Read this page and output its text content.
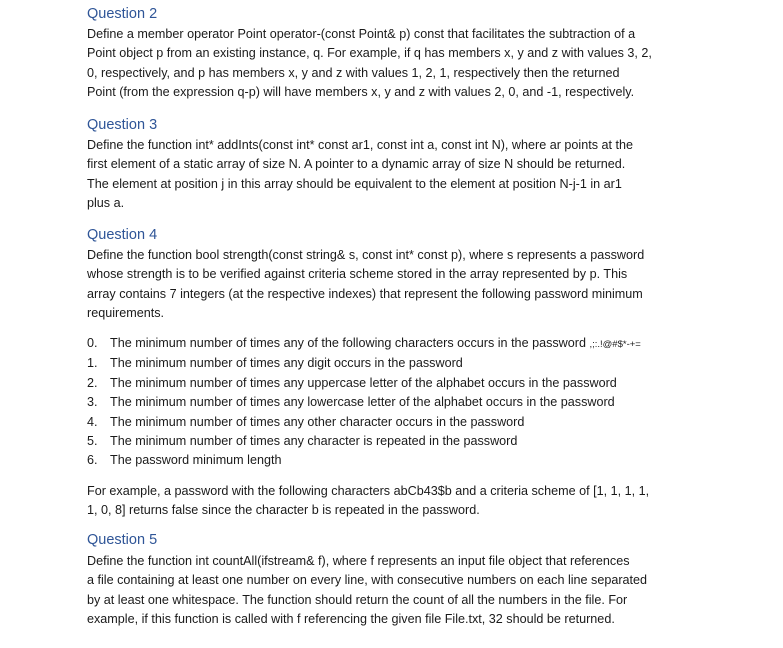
Question 2

Define a member operator Point operator-(const Point& p) const that facilitates the subtraction of a
Point object p from an existing instance, q. For example, if q has members x, y and z with values 3, 2,
0, respectively, and p has members x, y and z with values 1, 2, 1, respectively then the returned
Point (from the expression q-p) will have members x, y and z with values 2, 0, and -1, respectively.

Question 3

Define the function int* addInts(const int* const ar1, const int a, const int N), where ar points at the
first element of a static array of size N. A pointer to a dynamic array of size N should be returned.
The element at position j in this array should be equivalent to the element at position N-j-1 in ar1
plus a.

Question 4

Define the function bool strength(const string& s, const int* const p), where s represents a password
whose strength is to be verified against criteria scheme stored in the array represented by p. This
array contains 7 integers (at the respective indexes) that represent the following password minimum
requirements.

0. The minimum number of times any of the following characters occurs in the password ,;:.!@#$*-+=
1. The minimum number of times any digit occurs in the password
2. The minimum number of times any uppercase letter of the alphabet occurs in the password
3. The minimum number of times any lowercase letter of the alphabet occurs in the password
4. The minimum number of times any other character occurs in the password
5. The minimum number of times any character is repeated in the password
6. The password minimum length

For example, a password with the following characters abCb43$b and a criteria scheme of [1, 1, 1, 1,
1, 0, 8] returns false since the character b is repeated in the password.

Question 5

Define the function int countAll(ifstream& f), where f represents an input file object that references
a file containing at least one number on every line, with consecutive numbers on each line separated
by at least one whitespace. The function should return the count of all the numbers in the file. For
example, if this function is called with f referencing the given file File.txt, 32 should be returned.
